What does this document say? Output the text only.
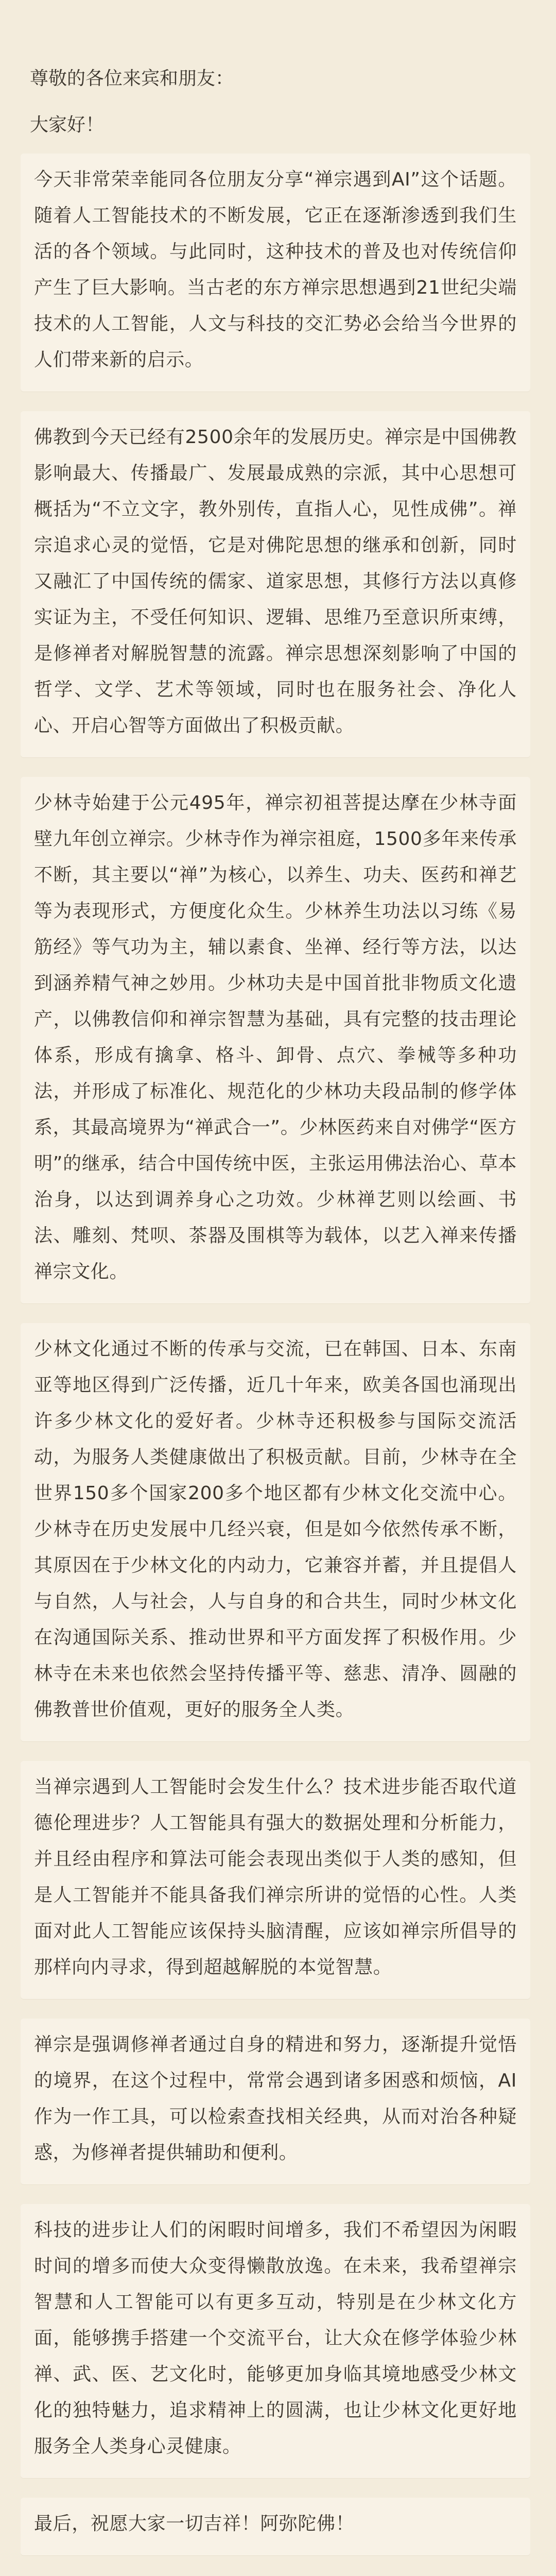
尊敬的各位来宾和朋友：
大家好！

今天非常荣幸能同各位朋友分享“禅宗遇到AI”这个话题。随着人工智能技术的不断发展，它正在逐渐渗透到我们生活的各个领域。与此同时，这种技术的普及也对传统信仰产生了巨大影响。当古老的东方禅宗思想遇到21世纪尖端技术的人工智能，人文与科技的交汇势必会给当今世界的人们带来新的启示。

佛教到今天已经有2500余年的发展历史。禅宗是中国佛教影响最大、传播最广、发展最成熟的宗派，其中心思想可概括为“不立文字，教外别传，直指人心，见性成佛”。禅宗追求心灵的觉悟，它是对佛陀思想的继承和创新，同时又融汇了中国传统的儒家、道家思想，其修行方法以真修实证为主，不受任何知识、逻辑、思维乃至意识所束缚，是修禅者对解脱智慧的流露。禅宗思想深刻影响了中国的哲学、文学、艺术等领域，同时也在服务社会、净化人心、开启心智等方面做出了积极贡献。

少林寺始建于公元495年，禅宗初祖菩提达摩在少林寺面壁九年创立禅宗。少林寺作为禅宗祖庭，1500多年来传承不断，其主要以“禅”为核心，以养生、功夫、医药和禅艺等为表现形式，方便度化众生。少林养生功法以习练《易筋经》等气功为主，辅以素食、坐禅、经行等方法，以达到涵养精气神之妙用。少林功夫是中国首批非物质文化遗产，以佛教信仰和禅宗智慧为基础，具有完整的技击理论体系，形成有擒拿、格斗、卸骨、点穴、拳械等多种功法，并形成了标准化、规范化的少林功夫段品制的修学体系，其最高境界为“禅武合一”。少林医药来自对佛学“医方明”的继承，结合中国传统中医，主张运用佛法治心、草本治身，以达到调养身心之功效。少林禅艺则以绘画、书法、雕刻、梵呗、茶器及围棋等为载体，以艺入禅来传播禅宗文化。

少林文化通过不断的传承与交流，已在韩国、日本、东南亚等地区得到广泛传播，近几十年来，欧美各国也涌现出许多少林文化的爱好者。少林寺还积极参与国际交流活动，为服务人类健康做出了积极贡献。目前，少林寺在全世界150多个国家200多个地区都有少林文化交流中心。少林寺在历史发展中几经兴衰，但是如今依然传承不断，其原因在于少林文化的内动力，它兼容并蓄，并且提倡人与自然，人与社会，人与自身的和合共生，同时少林文化在沟通国际关系、推动世界和平方面发挥了积极作用。少林寺在未来也依然会坚持传播平等、慈悲、清净、圆融的佛教普世价值观，更好的服务全人类。

当禅宗遇到人工智能时会发生什么？技术进步能否取代道德伦理进步？人工智能具有强大的数据处理和分析能力，并且经由程序和算法可能会表现出类似于人类的感知，但是人工智能并不能具备我们禅宗所讲的觉悟的心性。人类面对此人工智能应该保持头脑清醒，应该如禅宗所倡导的那样向内寻求，得到超越解脱的本觉智慧。

禅宗是强调修禅者通过自身的精进和努力，逐渐提升觉悟的境界，在这个过程中，常常会遇到诸多困惑和烦恼，AI作为一作工具，可以检索查找相关经典，从而对治各种疑惑，为修禅者提供辅助和便利。

科技的进步让人们的闲暇时间增多，我们不希望因为闲暇时间的增多而使大众变得懒散放逸。在未来，我希望禅宗智慧和人工智能可以有更多互动，特别是在少林文化方面，能够携手搭建一个交流平台，让大众在修学体验少林禅、武、医、艺文化时，能够更加身临其境地感受少林文化的独特魅力，追求精神上的圆满，也让少林文化更好地服务全人类身心灵健康。

最后，祝愿大家一切吉祥！阿弥陀佛！
